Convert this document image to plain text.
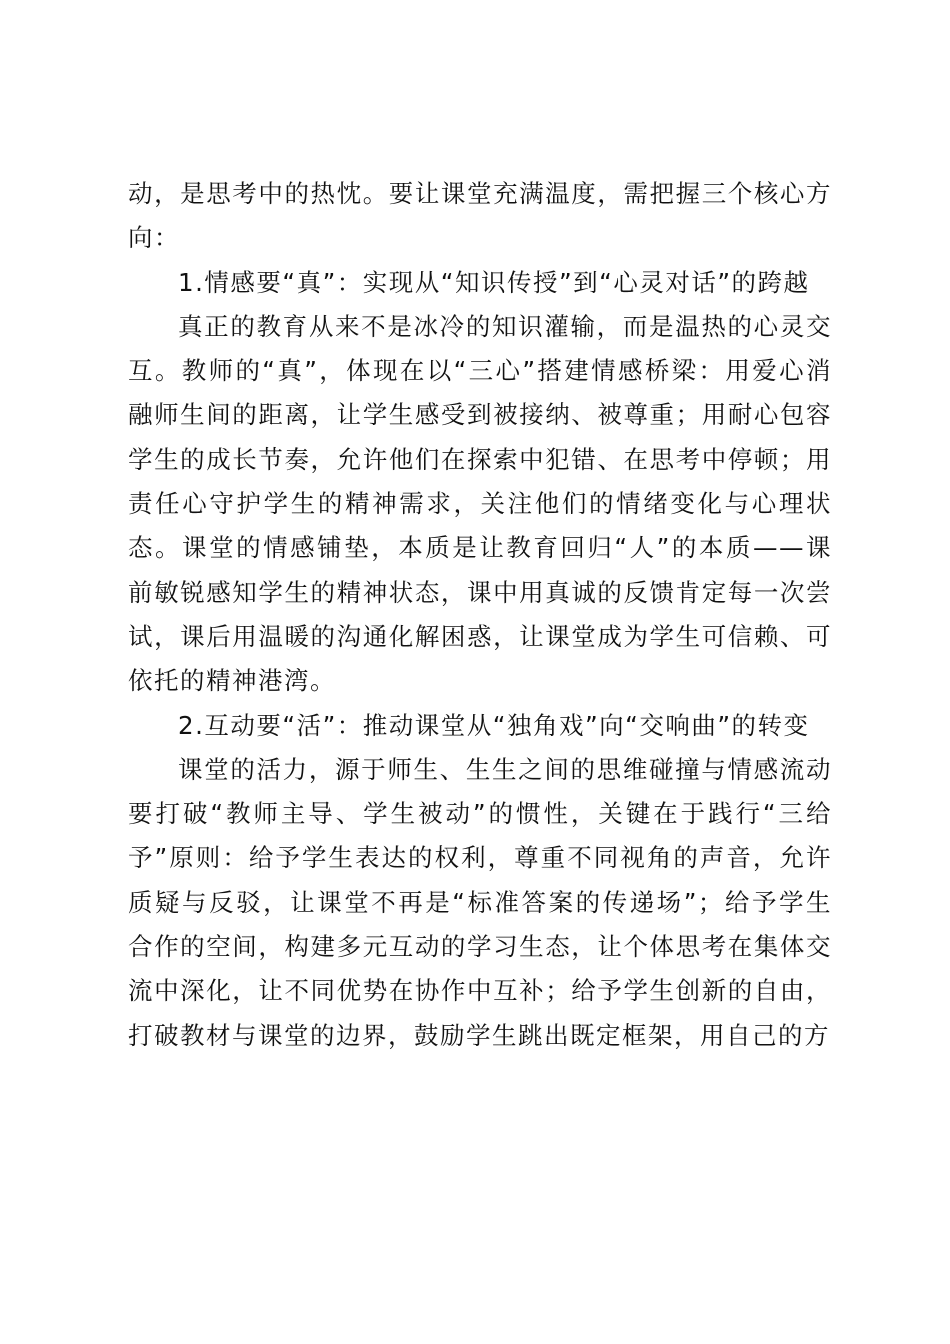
动，是思考中的热忱。要让课堂充满温度，需把握三个核心方向：

1.情感要“真”：实现从“知识传授”到“心灵对话”的跨越

真正的教育从来不是冰冷的知识灌输，而是温热的心灵交互。教师的“真”，体现在以“三心”搭建情感桥梁：用爱心消融师生间的距离，让学生感受到被接纳、被尊重；用耐心包容学生的成长节奏，允许他们在探索中犯错、在思考中停顿；用责任心守护学生的精神需求，关注他们的情绪变化与心理状态。课堂的情感铺垫，本质是让教育回归“人”的本质——课前敏锐感知学生的精神状态，课中用真诚的反馈肯定每一次尝试，课后用温暖的沟通化解困惑，让课堂成为学生可信赖、可依托的精神港湾。

2.互动要“活”：推动课堂从“独角戏”向“交响曲”的转变

课堂的活力，源于师生、生生之间的思维碰撞与情感流动要打破“教师主导、学生被动”的惯性，关键在于践行“三给予”原则：给予学生表达的权利，尊重不同视角的声音，允许质疑与反驳，让课堂不再是“标准答案的传递场”；给予学生合作的空间，构建多元互动的学习生态，让个体思考在集体交流中深化，让不同优势在协作中互补；给予学生创新的自由，打破教材与课堂的边界，鼓励学生跳出既定框架，用自己的方
